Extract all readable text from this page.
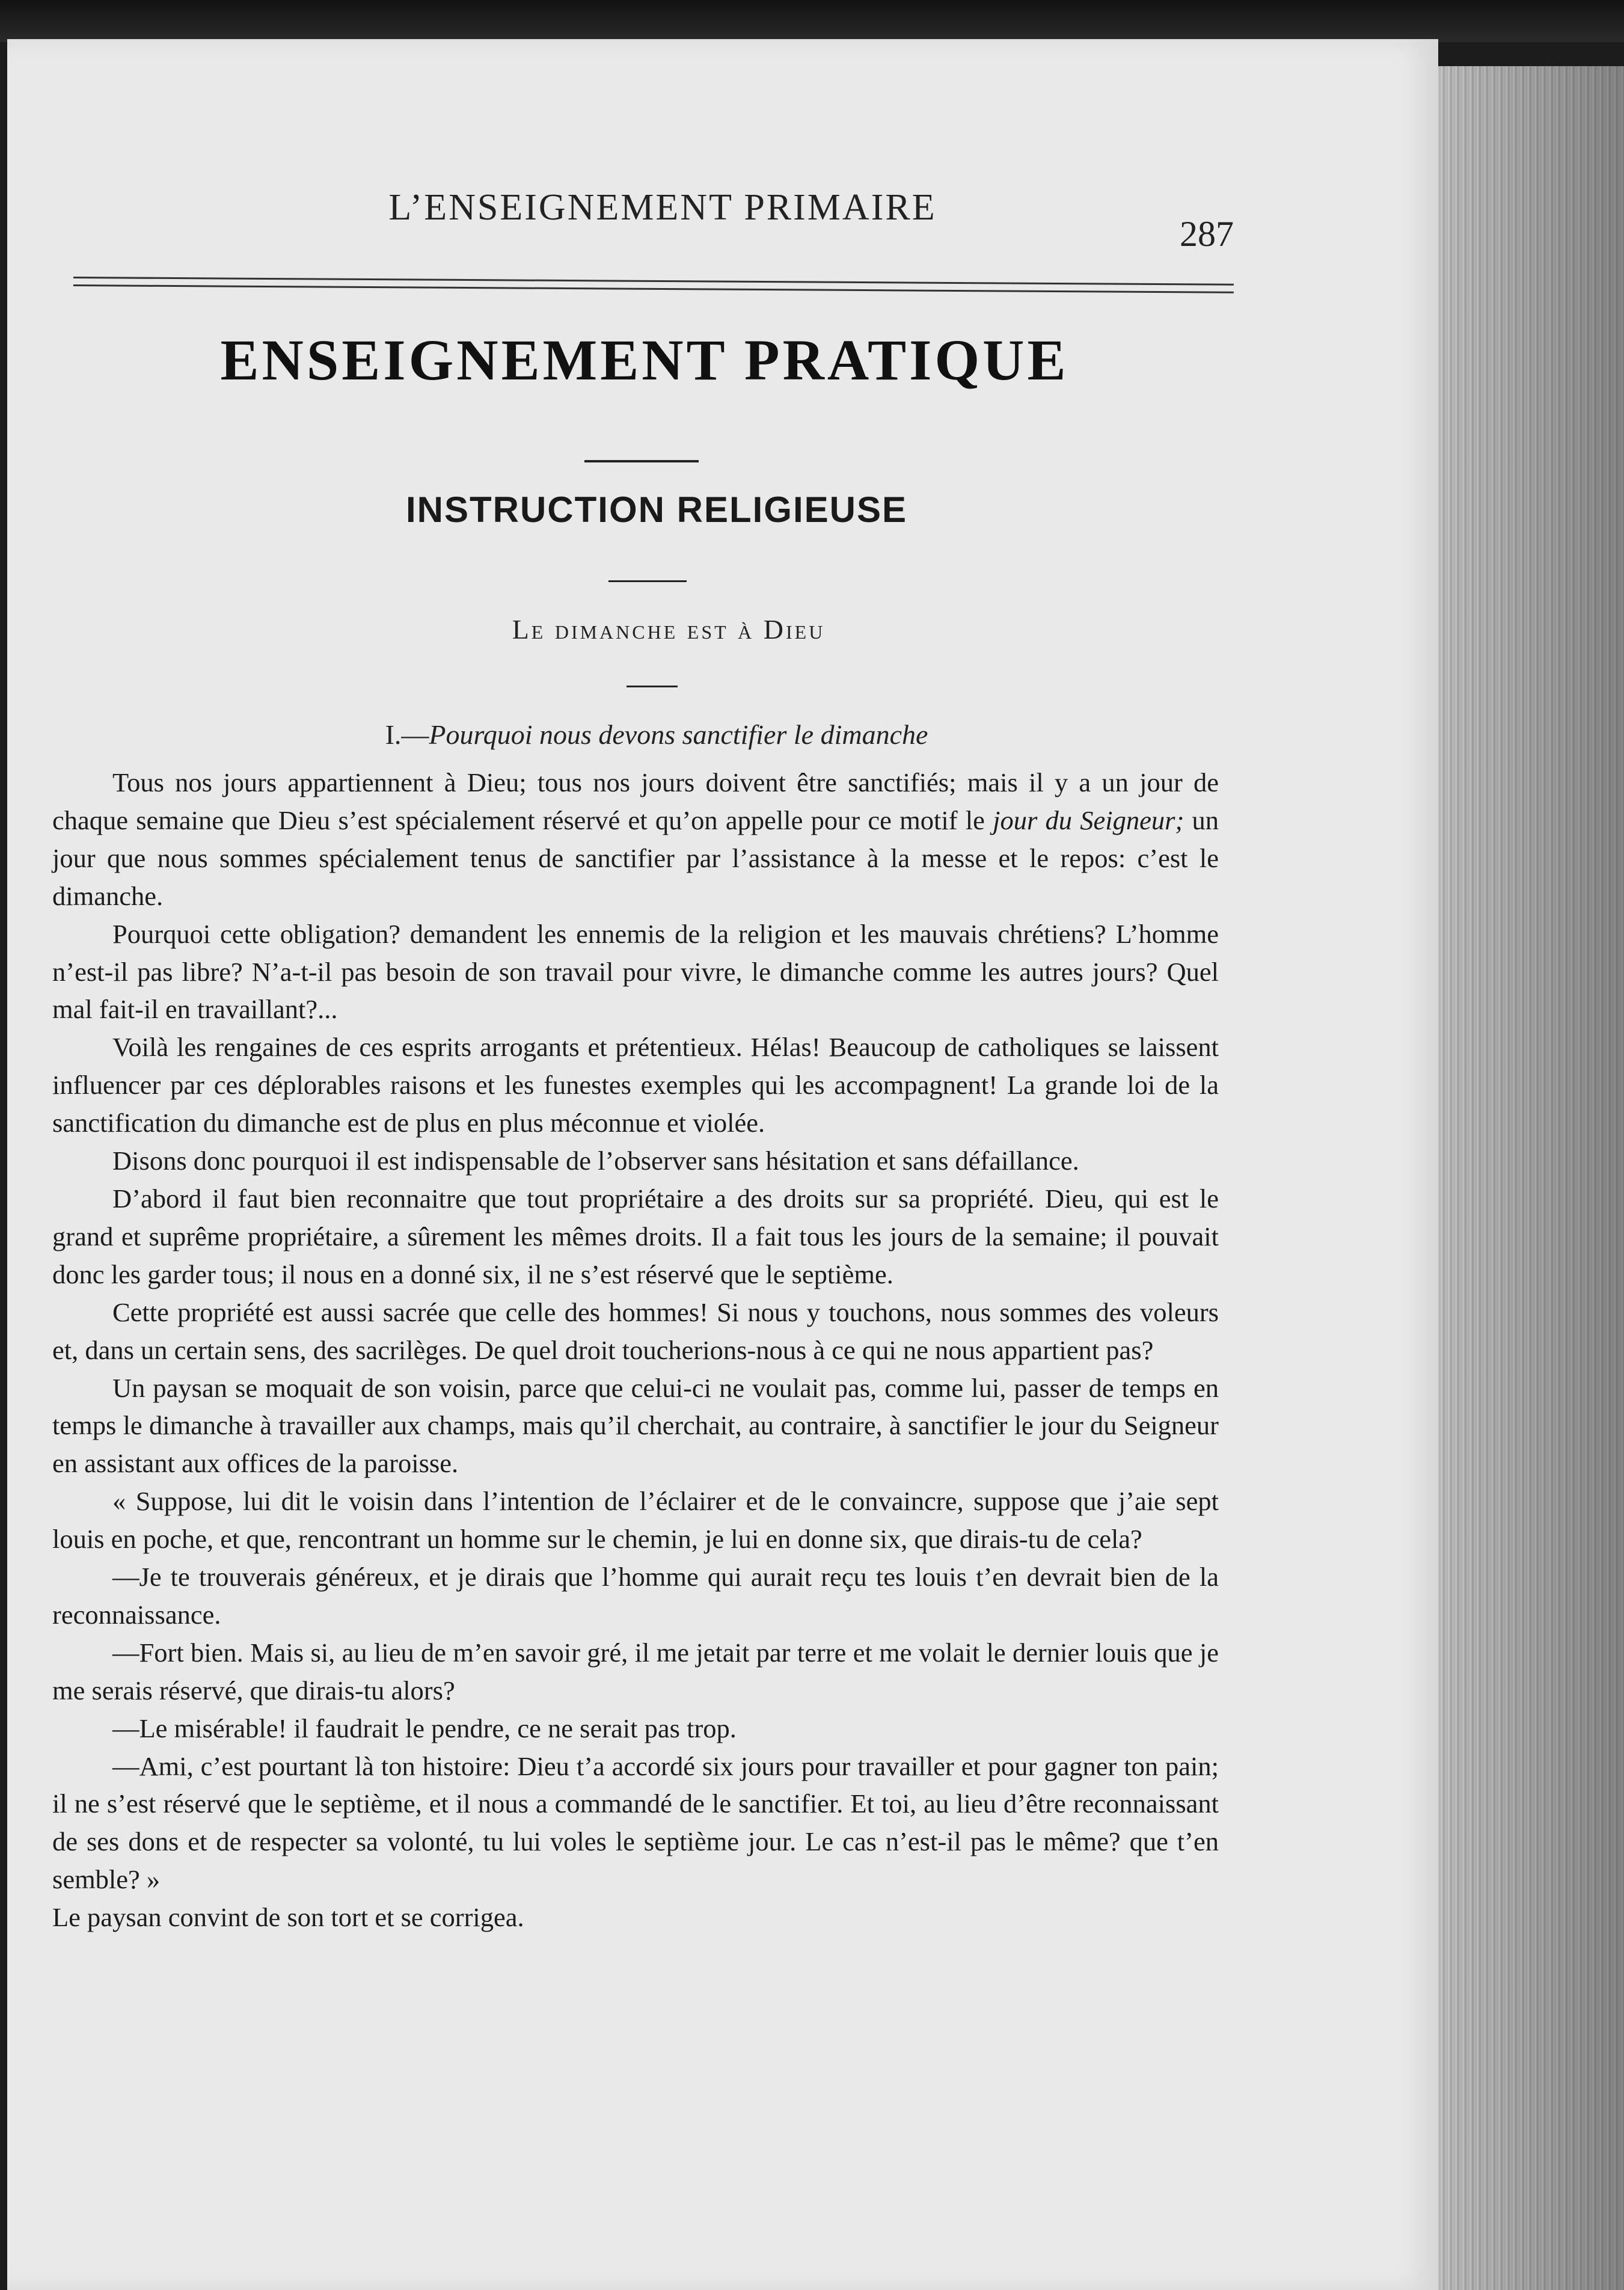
L’ENSEIGNEMENT PRIMAIRE
287
ENSEIGNEMENT PRATIQUE
INSTRUCTION RELIGIEUSE
Le dimanche est à Dieu
I.—Pourquoi nous devons sanctifier le dimanche

Tous nos jours appartiennent à Dieu; tous nos jours doivent être sanctifiés; mais il y a un jour de chaque semaine que Dieu s’est spécialement réservé et qu’on appelle pour ce motif le jour du Seigneur; un jour que nous sommes spécialement tenus de sanctifier par l’assistance à la messe et le repos: c’est le dimanche.

Pourquoi cette obligation? demandent les ennemis de la religion et les mauvais chrétiens? L’homme n’est-il pas libre? N’a-t-il pas besoin de son travail pour vivre, le dimanche comme les autres jours? Quel mal fait-il en travaillant?...

Voilà les rengaines de ces esprits arrogants et prétentieux. Hélas! Beaucoup de catholiques se laissent influencer par ces déplorables raisons et les funestes exemples qui les accompagnent! La grande loi de la sanctification du dimanche est de plus en plus méconnue et violée.

Disons donc pourquoi il est indispensable de l’observer sans hésitation et sans défaillance.

D’abord il faut bien reconnaitre que tout propriétaire a des droits sur sa propriété. Dieu, qui est le grand et suprême propriétaire, a sûrement les mêmes droits. Il a fait tous les jours de la semaine; il pouvait donc les garder tous; il nous en a donné six, il ne s’est réservé que le septième.

Cette propriété est aussi sacrée que celle des hommes! Si nous y touchons, nous sommes des voleurs et, dans un certain sens, des sacrilèges. De quel droit toucherions-nous à ce qui ne nous appartient pas?

Un paysan se moquait de son voisin, parce que celui-ci ne voulait pas, comme lui, passer de temps en temps le dimanche à travailler aux champs, mais qu’il cherchait, au contraire, à sanctifier le jour du Seigneur en assistant aux offices de la paroisse.

« Suppose, lui dit le voisin dans l’intention de l’éclairer et de le convaincre, suppose que j’aie sept louis en poche, et que, rencontrant un homme sur le chemin, je lui en donne six, que dirais-tu de cela?

—Je te trouverais généreux, et je dirais que l’homme qui aurait reçu tes louis t’en devrait bien de la reconnaissance.

—Fort bien. Mais si, au lieu de m’en savoir gré, il me jetait par terre et me volait le dernier louis que je me serais réservé, que dirais-tu alors?

—Le misérable! il faudrait le pendre, ce ne serait pas trop.

—Ami, c’est pourtant là ton histoire: Dieu t’a accordé six jours pour travailler et pour gagner ton pain; il ne s’est réservé que le septième, et il nous a commandé de le sanctifier. Et toi, au lieu d’être reconnaissant de ses dons et de respecter sa volonté, tu lui voles le septième jour. Le cas n’est-il pas le même? que t’en semble? »

Le paysan convint de son tort et se corrigea.
